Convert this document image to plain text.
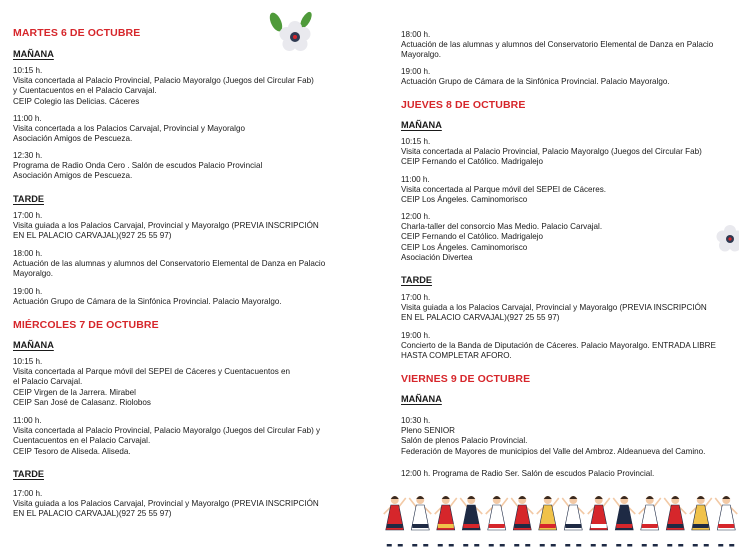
MARTES 6 DE OCTUBRE
MAÑANA
10:15 h.
Visita concertada al Palacio Provincial, Palacio Mayoralgo (Juegos del Circular Fab)
y Cuentacuentos en el Palacio Carvajal.
CEIP Colegio las Delicias. Cáceres
11:00 h.
Visita concertada a los Palacios Carvajal, Provincial y Mayoralgo
Asociación Amigos de Pescueza.
12:30 h.
Programa de Radio Onda Cero . Salón de escudos Palacio Provincial
Asociación Amigos de Pescueza.
TARDE
17:00 h.
Visita guiada a los Palacios Carvajal, Provincial y Mayoralgo (PREVIA INSCRIPCIÓN
EN EL PALACIO CARVAJAL)(927 25 55 97)
18:00 h.
Actuación de las alumnas y alumnos del Conservatorio Elemental de Danza en Palacio
Mayoralgo.
19:00 h.
Actuación Grupo de Cámara de la Sinfónica Provincial. Palacio Mayoralgo.
MIÉRCOLES 7 DE OCTUBRE
MAÑANA
10:15 h.
Visita concertada al Parque móvil del SEPEI de Cáceres y Cuentacuentos en
el Palacio Carvajal.
CEIP Virgen de la Jarrera. Mirabel
CEIP San José de Calasanz. Riolobos
11:00 h.
Visita concertada al Palacio Provincial, Palacio Mayoralgo (Juegos del Circular Fab) y
Cuentacuentos en el Palacio Carvajal.
CEIP Tesoro de Aliseda. Aliseda.
TARDE
17:00 h.
Visita guiada a los Palacios Carvajal, Provincial y Mayoralgo (PREVIA INSCRIPCIÓN
EN EL PALACIO CARVAJAL)(927 25 55 97)
18:00 h.
Actuación de las alumnas y alumnos del Conservatorio Elemental de Danza en Palacio
Mayoralgo.
19:00 h.
Actuación Grupo de Cámara de la Sinfónica Provincial. Palacio Mayoralgo.
JUEVES 8 DE OCTUBRE
MAÑANA
10:15 h.
Visita concertada al Palacio Provincial, Palacio Mayoralgo (Juegos del Circular Fab)
CEIP Fernando el Católico. Madrigalejo
11:00 h.
Visita concertada al Parque móvil del SEPEI de Cáceres.
CEIP Los Ángeles. Caminomorisco
12:00 h.
Charla-taller del consorcio Mas Medio. Palacio Carvajal.
CEIP Fernando el Católico. Madrigalejo
CEIP Los Ángeles. Caminomorisco
Asociación Divertea
TARDE
17:00 h.
Visita guiada a los Palacios Carvajal, Provincial y Mayoralgo (PREVIA INSCRIPCIÓN
EN EL PALACIO CARVAJAL)(927 25 55 97)
19:00 h.
Concierto de la Banda de Diputación de Cáceres. Palacio Mayoralgo. ENTRADA LIBRE
HASTA COMPLETAR AFORO.
VIERNES 9 DE OCTUBRE
MAÑANA
10:30 h.
Pleno SENIOR
Salón de plenos Palacio Provincial.
Federación de Mayores de municipios del Valle del Ambroz. Aldeanueva del Camino.
12:00 h. Programa de Radio Ser. Salón de escudos Palacio Provincial.
